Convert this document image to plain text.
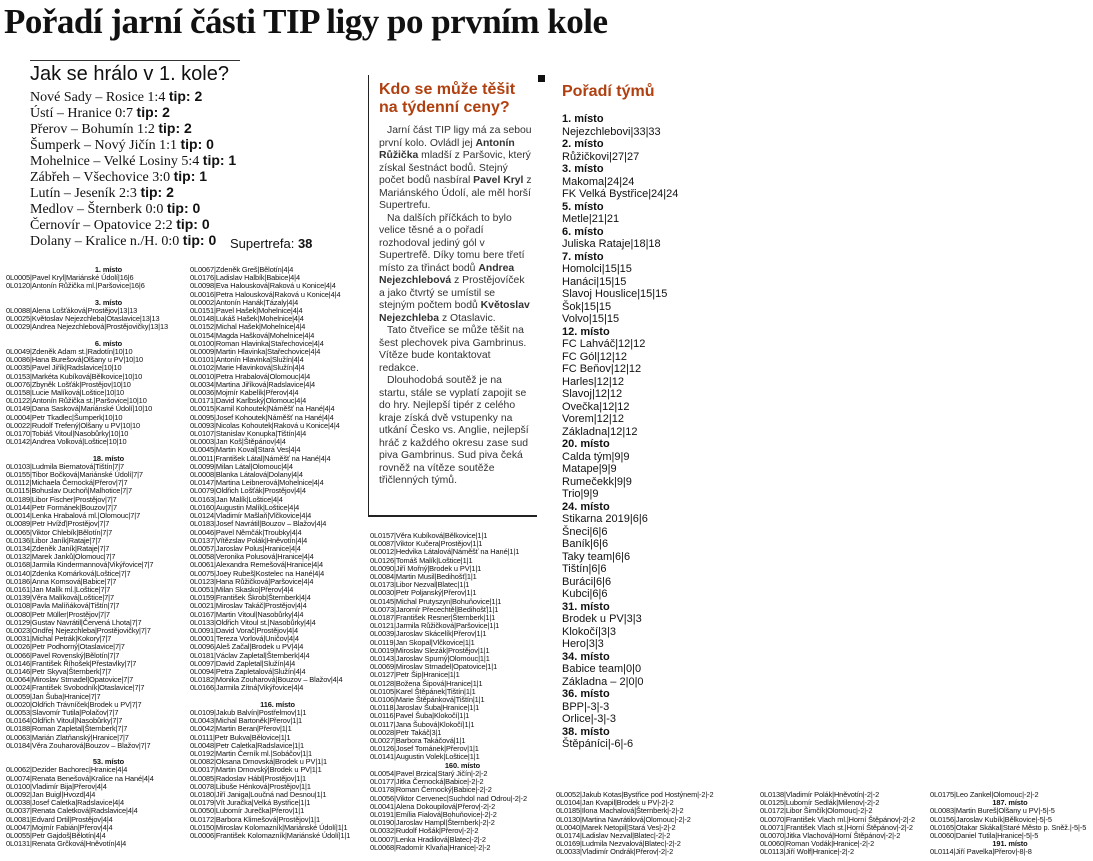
Pořadí jarní části TIP ligy po prvním kole
Jak se hrálo v 1. kole?
Nové Sady – Rosice 1:4 tip: 2
Ústí – Hranice 0:7 tip: 2
Přerov – Bohumín 1:2 tip: 2
Šumperk – Nový Jičín 1:1 tip: 0
Mohelnice – Velké Losiny 5:4 tip: 1
Zábřeh – Všechovice 3:0 tip: 1
Lutín – Jeseník 2:3 tip: 2
Medlov – Šternberk 0:0 tip: 0
Černovír – Opatovice 2:2 tip: 0
Dolany – Kralice n./H. 0:0 tip: 0	Supertrefa: 38
1. místo
0L0005|Pavel Kryl|Mariánské Údolí|16|6
0L0120|Antonín Růžička ml.|Paršovice|16|6

3. místo
0L0088|Alena Lošťáková|Prostějov|13|13
0L0025|Květoslav Nejezchleba|Otaslavice|13|13
0L0029|Andrea Nejezchlebová|Prostějovičky|13|13

6. místo
0L0049|Zdeněk Adam st.|Radotín|10|10
0L0086|Hana Burešová|Olšany u PV|10|10
0L0035|Pavel Jiřík|Radslavice|10|10
0L0153|Markéta Kubíková|Bělkovice|10|10
0L0076|Zbyněk Lošťák|Prostějov|10|10
0L0158|Lucie Malíková|Loštice|10|10
0L0122|Antonín Růžička st.|Paršovice|10|10
0L0149|Dana Sasková|Mariánské Údolí|10|10
0L0004|Petr Tkadlec|Šumperk|10|10
0L0022|Rudolf Trefený|Olšany u PV|10|10
0L0170|Tobiáš Vitoul|Nasobůrky|10|10
0L0142|Andrea Volková|Loštice|10|10

18. místo
0L0103|Ludmila Biernatová|Tištín|7|7
0L0155|Tibor Bočková|Mariánské Údolí|7|7
0L0112|Michaela Černocká|Přerov|7|7
0L0115|Bohuslav Duchoň|Malhotice|7|7
0L0189|Libor Fischer|Prostějov|7|7
0L0144|Petr Formánek|Bouzov|7|7
0L0014|Lenka Hrabalová ml.|Olomouc|7|7
0L0089|Petr Hvížď|Prostějov|7|7
0L0065|Viktor Chlebík|Bělotín|7|7
0L0136|Libor Janík|Rataje|7|7
0L0134|Zdeněk Janík|Rataje|7|7
0L0132|Marek Janků|Olomouc|7|7
0L0168|Jarmila Kindermannová|Vikýřovice|7|7
0L0140|Zdenka Komárková|Loštice|7|7
0L0186|Anna Komsová|Babice|7|7
0L0161|Jan Malík ml.|Loštice|7|7
0L0139|Věra Malíková|Loštice|7|7
0L0108|Pavla Malíňáková|Tištín|7|7
0L0080|Petr Müller|Prostějov|7|7
0L0129|Gustav Navrátil|Červená Lhota|7|7
0L0023|Ondřej Nejezchleba|Prostějovičky|7|7
0L0031|Michal Petrák|Kokory|7|7
0L0026|Petr Podhorný|Otaslavice|7|7
0L0066|Pavel Rovenský|Bělotín|7|7
0L0146|František Říhošek|Přestavlky|7|7
0L0146|Petr Skyva|Šternberk|7|7
0L0064|Miroslav Strnadel|Opatovice|7|7
0L0024|František Svobodník|Otaslavice|7|7
0L0059|Jan Šuba|Hranice|7|7
0L0020|Oldřich Trávníček|Brodek u PV|7|7
0L0053|Slavomír Tutila|Polačov|7|7
0L0164|Oldřich Vitoul|Nasobůrky|7|7
0L0188|Roman Zapletal|Šternberk|7|7
0L0063|Marián Zlatňanský|Hranice|7|7
0L0184|Věra Zouharová|Bouzov – Blažov|7|7

53. místo
0L0062|Dezider Bachorec|Hranice|4|4
0L0074|Renata Benešová|Kralice na Hané|4|4
0L0100|Vladimír Bija|Přerov|4|4
0L0092|Jan Buigl|Hvozd|4|4
0L0038|Josef Caletka|Radslavice|4|4
0L0037|Renata Caletková|Radslavice|4|4
0L0081|Edvard Drtil|Prostějov|4|4
0L0047|Mojmír Fabián|Přerov|4|4
0L0055|Petr Gajdoš|Bělotín|4|4
0L0131|Renata Grčková|Hněvotín|4|4
0L0067|Zdeněk Greš|Bělotín|4|4
0L0176|Ladislav Halbík|Babice|4|4
0L0098|Eva Halousková|Raková u Konice|4|4
0L0016|Petra Halousková|Raková u Konice|4|4
0L0002|Antonín Hanák|Tázaly|4|4
0L0151|Pavel Hašek|Mohelnice|4|4
0L0148|Lukáš Hašek|Mohelnice|4|4
0L0152|Michal Hašek|Mohelnice|4|4
0L0154|Magda Hašková|Mohelnice|4|4
0L0100|Roman Hlavinka|Stařechovice|4|4
0L0009|Martin Hlavinka|Stařechovice|4|4
0L0101|Antonín Hlavinka|Služín|4|4
0L0102|Marie Hlavinková|Služín|4|4
0L0010|Petra Hrabalová|Olomouc|4|4
0L0034|Martina Jiříková|Radslavice|4|4
0L0036|Mojmír Kabelík|Přerov|4|4
0L0171|David Karlbský|Olomouc|4|4
0L0015|Kamil Kohoutek|Náměšť na Hané|4|4
0L0095|Josef Kohoutek|Náměšť na Hané|4|4
0L0093|Nicolas Kohoutek|Raková u Konice|4|4
0L0107|Stanislav Konupka|Tištín|4|4
0L0003|Jan Koš|Štěpánov|4|4
0L0045|Martin Koval|Stará Ves|4|4
0L0011|František Látal|Náměšť na Hané|4|4
0L0099|Milan Látal|Olomouc|4|4
0L0008|Blanka Látalová|Dolany|4|4
0L0147|Martina Leibnerová|Mohelnice|4|4
0L0079|Oldřich Lošťák|Prostějov|4|4
0L0163|Jan Malík|Loštice|4|4
0L0160|Augustin Malík|Loštice|4|4
0L0124|Vladimír Mašlaň|Vlčkovice|4|4
0L0183|Josef Navrátil|Bouzov – Blažov|4|4
0L0046|Pavel Němčák|Troubky|4|4
0L0137|Vítězslav Polák|Hněvotín|4|4
0L0057|Jaroslav Polus|Hranice|4|4
0L0058|Veronika Polusová|Hranice|4|4
0L0061|Alexandra Remešová|Hranice|4|4
0L0075|Joey Rubeš|Kostelec na Hané|4|4
0L0123|Hana Růžičková|Paršovice|4|4
0L0051|Milan Skasko|Přerov|4|4
0L0159|František Škrob|Šternberk|4|4
0L0021|Miroslav Takáč|Prostějov|4|4
0L0167|Martin Vitoul|Nasobůrky|4|4
0L0133|Oldřich Vitoul st.|Nasobůrky|4|4
0L0091|David Vorač|Prostějov|4|4
0L0001|Tereza Vorlová|Uničov|4|4
0L0096|Aleš Začal|Brodek u PV|4|4
0L0181|Václav Zapletal|Šternberk|4|4
0L0097|David Zapletal|Služín|4|4
0L0094|Petra Zapletalová|Služín|4|4
0L0182|Monika Zouharová|Bouzov – Blažov|4|4
0L0166|Jarmila Zítná|Vikýřovice|4|4

116. místo
0L0109|Jakub Balvín|Postřelmov|1|1
0L0043|Michal Bartoněk|Přerov|1|1
0L0042|Martin Beran|Přerov|1|1
0L0111|Petr Bukva|Bělovice|1|1
0L0048|Petr Caletka|Radslavice|1|1
0L0192|Martin Černík ml.|Sobáčov|1|1
0L0082|Oksana Drnovská|Brodek u PV|1|1
0L0017|Martin Drnovský|Brodek u PV|1|1
0L0085|Radoslav Hábl|Prostějov|1|1
0L0078|Libuše Hénková|Prostějov|1|1
0L0180|Jiří Janiga|Loučná nad Desnou|1|1
0L0179|Vít Juračka|Velká Bystřice|1|1
0L0050|Lubomír Jurečka|Přerov|1|1
0L0172|Barbora Klimešová|Prostějov|1|1
0L0150|Miroslav Kolomazník|Mariánské Údolí|1|1
0L0006|František Kolomazník|Mariánské Údolí|1|1
0L0157|Věra Kubíková|Bělkovice|1|1
0L0087|Viktor Kučera|Prostějov|1|1
0L0012|Hedvika Látalová|Náměšť na Hané|1|1
0L0126|Tomáš Malík|Loštice|1|1
0L0090|Jiří Mořný|Brodek u PV|1|1
0L0084|Martin Musil|Bedihošť|1|1
0L0173|Libor Nezval|Blatec|1|1
0L0030|Petr Poljanský|Přerov|1|1
0L0145|Michal Prutyszyn|Bohuňovice|1|1
0L0073|Jaromír Přecechtěl|Bedihošť|1|1
0L0187|František Resner|Šternberk|1|1
0L0121|Jarmila Růžičková|Paršovice|1|1
0L0039|Jaroslav Skácelík|Přerov|1|1
0L0119|Jan Skopal|Vlčkovice|1|1
0L0019|Miroslav Slezák|Prostějov|1|1
0L0143|Jaroslav Spurný|Olomouc|1|1
0L0069|Miroslav Strnadel|Opatovice|1|1
0L0127|Petr Šip|Hranice|1|1
0L0128|Božena Šipová|Hranice|1|1
0L0105|Karel Štěpánek|Tištín|1|1
0L0106|Marie Štěpánková|Tištín|1|1
0L0118|Jaroslav Šuba|Hranice|1|1
0L0116|Pavel Šuba|Klokočí|1|1
0L0117|Jana Šubová|Klokočí|1|1
0L0028|Petr Takáč|3|1
0L0027|Barbora Takáčová|1|1
0L0126|Josef Tománek|Přerov|1|1
0L0141|Augustin Volek|Loštice|1|1
160. místo
0L0054|Pavel Brzica|Starý Jičín|-2|-2
0L0177|Jitka Černocká|Babice|-2|-2
0L0178|Roman Černocký|Babice|-2|-2
0L0056|Viktor Cervenec|Suchdol nad Odrou|-2|-2
0L0041|Alena Dokoupilová|Přerov|-2|-2
0L0191|Emília Fialová|Bohuňovice|-2|-2
0L0190|Jaroslav Hampl|Šternberk|-2|-2
0L0032|Rudolf Hošák|Přerov|-2|-2
0L0007|Lenka Hradilová|Blatec|-2|-2
0L0068|Radomír Klvaňa|Hranice|-2|-2
0L0052|Jakub Kotas|Bystřice pod Hostýnem|-2|-2
0L0104|Jan Kvapil|Brodek u PV|-2|-2
0L0185|Ilona Machalová|Šternberk|-2|-2
0L0130|Martina Navrátilová|Olomouc|-2|-2
0L0040|Marek Netopil|Stará Ves|-2|-2
0L0174|Ladislav Nezval|Blatec|-2|-2
0L0169|Ludmila Nezvalová|Blatec|-2|-2
0L0033|Vladimír Ondrák|Přerov|-2|-2
0L0138|Vladimír Polák|Hněvotín|-2|-2
0L0125|Lubomír Sedlák|Milenov|-2|-2
0L0172|Libor Šimčík|Olomouc|-2|-2
0L0070|František Vlach ml.|Horní Štěpánov|-2|-2
0L0071|František Vlach st.|Horní Štěpánov|-2|-2
0L0070|Jitka Vlachová|Horní Štěpánov|-2|-2
0L0060|Roman Vodák|Hranice|-2|-2
0L0113|Jiří Wolf|Hranice|-2|-2
0L0175|Leo Zankel|Olomouc|-2|-2
187. místo
0L0083|Martin Bureš|Olšany u PV|-5|-5
0L0156|Jaroslav Kubík|Bělkovice|-5|-5
0L0165|Otakar Skákal|Staré Město p. Sněž.|-5|-5
0L0060|Daniel Tutila|Hranice|-5|-5
191. místo
0L0114|Jiří Pavelka|Přerov|-8|-8
Kdo se může těšit na týdenní ceny?

Jarní část TIP ligy má za sebou první kolo. Ovládl jej Antonín Růžička mladší z Paršovic, který získal šestnáct bodů. Stejný počet bodů nasbíral Pavel Kryl z Mariánského Údolí, ale měl horší Supertrefu.

Na dalších příčkách to bylo velice těsné a o pořadí rozhodoval jediný gól v Supertrefě. Díky tomu bere třetí místo za třináct bodů Andrea Nejezchlebová z Prostějovíček a jako čtvrtý se umístil se stejným počtem bodů Květoslav Nejezchleba z Otaslavic.

Tato čtveřice se může těšit na šest plechovek piva Gambrinus. Vítěze bude kontaktovat redakce.

Dlouhodobá soutěž je na startu, stále se vyplatí zapojit se do hry. Nejlepší tipér z celého kraje získá dvě vstupenky na utkání Česko vs. Anglie, nejlepší hráč z každého okresu zase sud piva Gambrinus. Sud piva čeká rovněž na vítěze soutěže třičlenných týmů.

Pořadí týmů
1. místo
Nejezchlebovi|33|33
2. místo
Růžičkovi|27|27
3. místo
Makoma|24|24
FK Velká Bystřice|24|24
5. místo
Metle|21|21
6. místo
Juliska Rataje|18|18
7. místo
Homolci|15|15
Hanáci|15|15
Slavoj Houslice|15|15
Šok|15|15
Volvo|15|15
12. místo
FC Lahváč|12|12
FC Gól|12|12
FC Beňov|12|12
Harles|12|12
Slavoj|12|12
Ovečka|12|12
Vorem|12|12
Základna|12|12
20. místo
Calda tým|9|9
Matape|9|9
Rumečekk|9|9
Trio|9|9
24. místo
Stikarna 2019|6|6
Šneci|6|6
Baník|6|6
Taky team|6|6
Tištín|6|6
Buráci|6|6
Kubci|6|6
31. místo
Brodek u PV|3|3
Klokočí|3|3
Hero|3|3
34. místo
Babice team|0|0
Základna – 2|0|0
36. místo
BPP|-3|-3
Orlice|-3|-3
38. místo
Štěpáníci|-6|-6
